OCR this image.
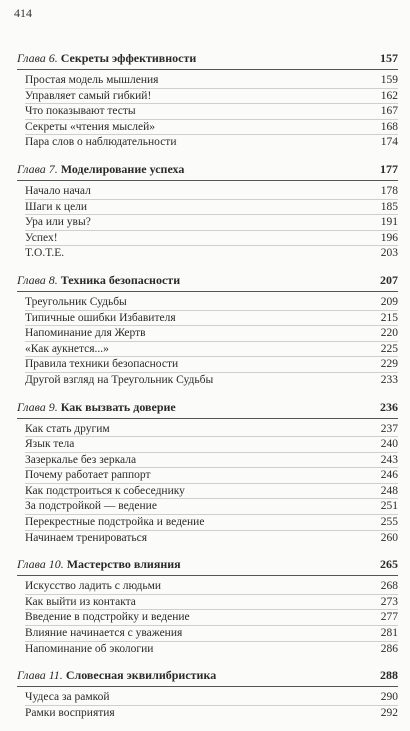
414
Глава 6. Секреты эффективности	157
Простая модель мышления	159
Управляет самый гибкий!	162
Что показывают тесты	167
Секреты «чтения мыслей»	168
Пара слов о наблюдательности	174
Глава 7. Моделирование успеха	177
Начало начал	178
Шаги к цели	185
Ура или увы?	191
Успех!	196
T.O.T.E.	203
Глава 8. Техника безопасности	207
Треугольник Судьбы	209
Типичные ошибки Избавителя	215
Напоминание для Жертв	220
«Как аукнется...»	225
Правила техники безопасности	229
Другой взгляд на Треугольник Судьбы	233
Глава 9. Как вызвать доверие	236
Как стать другим	237
Язык тела	240
Зазеркалье без зеркала	243
Почему работает раппорт	246
Как подстроиться к собеседнику	248
За подстройкой — ведение	251
Перекрестные подстройка и ведение	255
Начинаем тренироваться	260
Глава 10. Мастерство влияния	265
Искусство ладить с людьми	268
Как выйти из контакта	273
Введение в подстройку и ведение	277
Влияние начинается с уважения	281
Напоминание об экологии	286
Глава 11. Словесная эквилибристика	288
Чудеса за рамкой	290
Рамки восприятия	292
